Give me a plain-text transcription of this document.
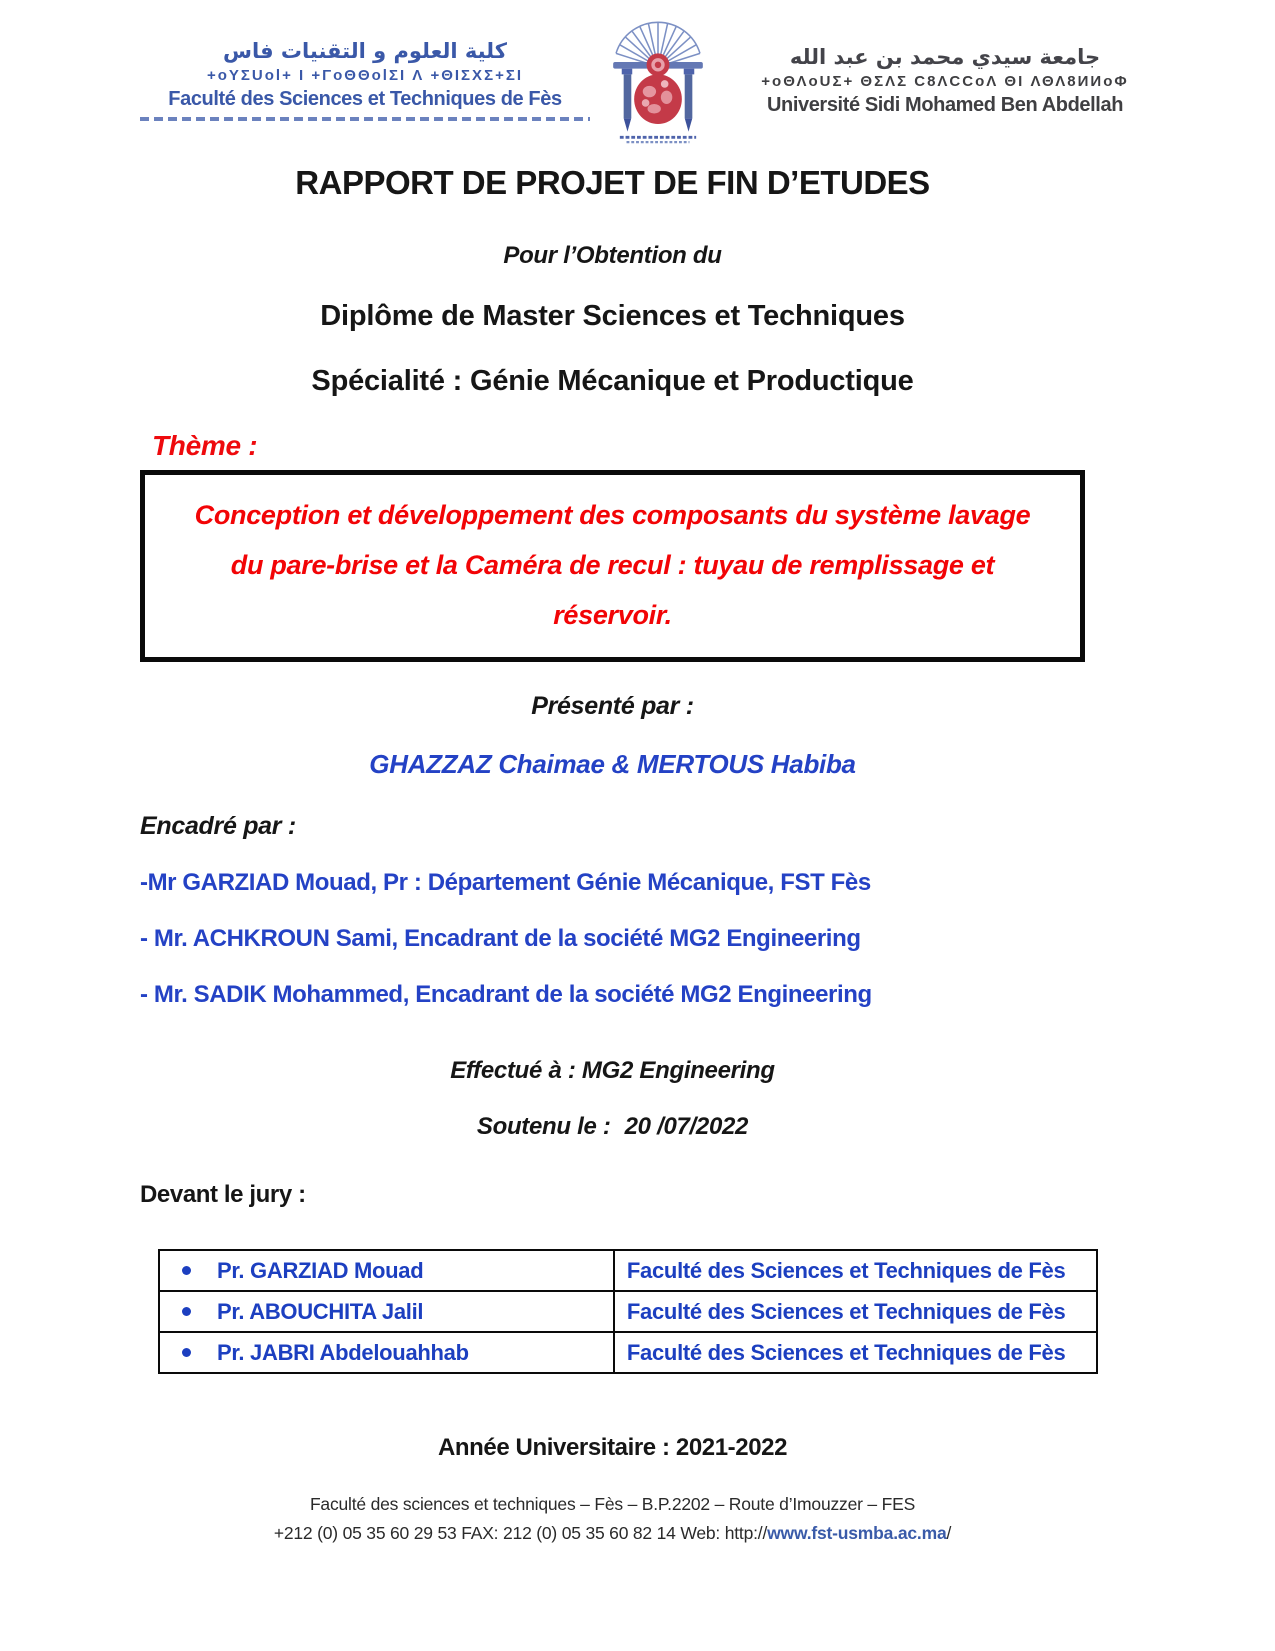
كلية العلوم و التقنيات فاس
+oYΣUol+ I +ΓoΘΘolΣI Λ +ΘIΣXΣ+ΣI
Faculté des Sciences et Techniques de Fès
جامعة سيدي محمد بن عبد الله
+oΘΛoUΣ+ ΘΣΛΣ C8ΛCCoΛ ΘI ΛΘΛ8ИИoΦ
Université Sidi Mohamed Ben Abdellah
RAPPORT DE PROJET DE FIN D’ETUDES
Pour l’Obtention du
Diplôme de Master Sciences et Techniques
Spécialité : Génie Mécanique et Productique
Thème :
Conception et développement des composants du système lavage du pare-brise et la Caméra de recul : tuyau de remplissage et réservoir.
Présenté par :
GHAZZAZ Chaimae & MERTOUS Habiba
Encadré par :
-Mr GARZIAD Mouad, Pr : Département Génie Mécanique, FST Fès
- Mr. ACHKROUN Sami, Encadrant de la société MG2 Engineering
- Mr. SADIK Mohammed, Encadrant de la société MG2 Engineering
Effectué à : MG2 Engineering
Soutenu le : 20 /07/2022
Devant le jury :
Pr. GARZIAD Mouad	Faculté des Sciences et Techniques de Fès
Pr. ABOUCHITA Jalil	Faculté des Sciences et Techniques de Fès
Pr. JABRI Abdelouahhab	Faculté des Sciences et Techniques de Fès
Année Universitaire : 2021-2022
Faculté des sciences et techniques – Fès – B.P.2202 – Route d’Imouzzer – FES
+212 (0) 05 35 60 29 53 FAX: 212 (0) 05 35 60 82 14 Web: http://www.fst-usmba.ac.ma/
